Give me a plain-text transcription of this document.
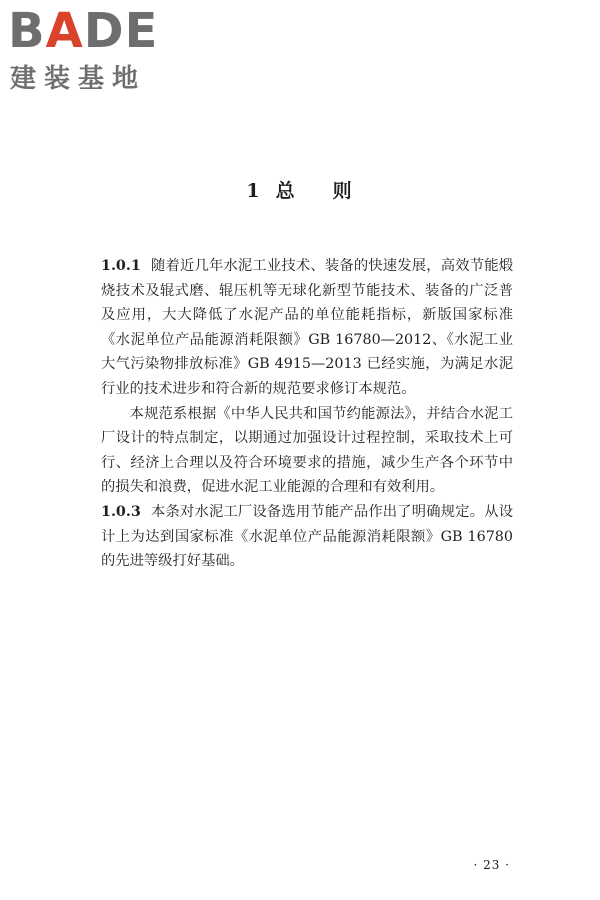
BADE
建装基地
1 总 则

1.0.1 随着近几年水泥工业技术、装备的快速发展，高效节能煅烧技术及辊式磨、辊压机等无球化新型节能技术、装备的广泛普及应用，大大降低了水泥产品的单位能耗指标，新版国家标准《水泥单位产品能源消耗限额》GB 16780—2012、《水泥工业大气污染物排放标准》GB 4915—2013 已经实施，为满足水泥行业的技术进步和符合新的规范要求修订本规范。

本规范系根据《中华人民共和国节约能源法》，并结合水泥工厂设计的特点制定，以期通过加强设计过程控制，采取技术上可行、经济上合理以及符合环境要求的措施，减少生产各个环节中的损失和浪费，促进水泥工业能源的合理和有效利用。

1.0.3 本条对水泥工厂设备选用节能产品作出了明确规定。从设计上为达到国家标准《水泥单位产品能源消耗限额》GB 16780 的先进等级打好基础。

· 23 ·
